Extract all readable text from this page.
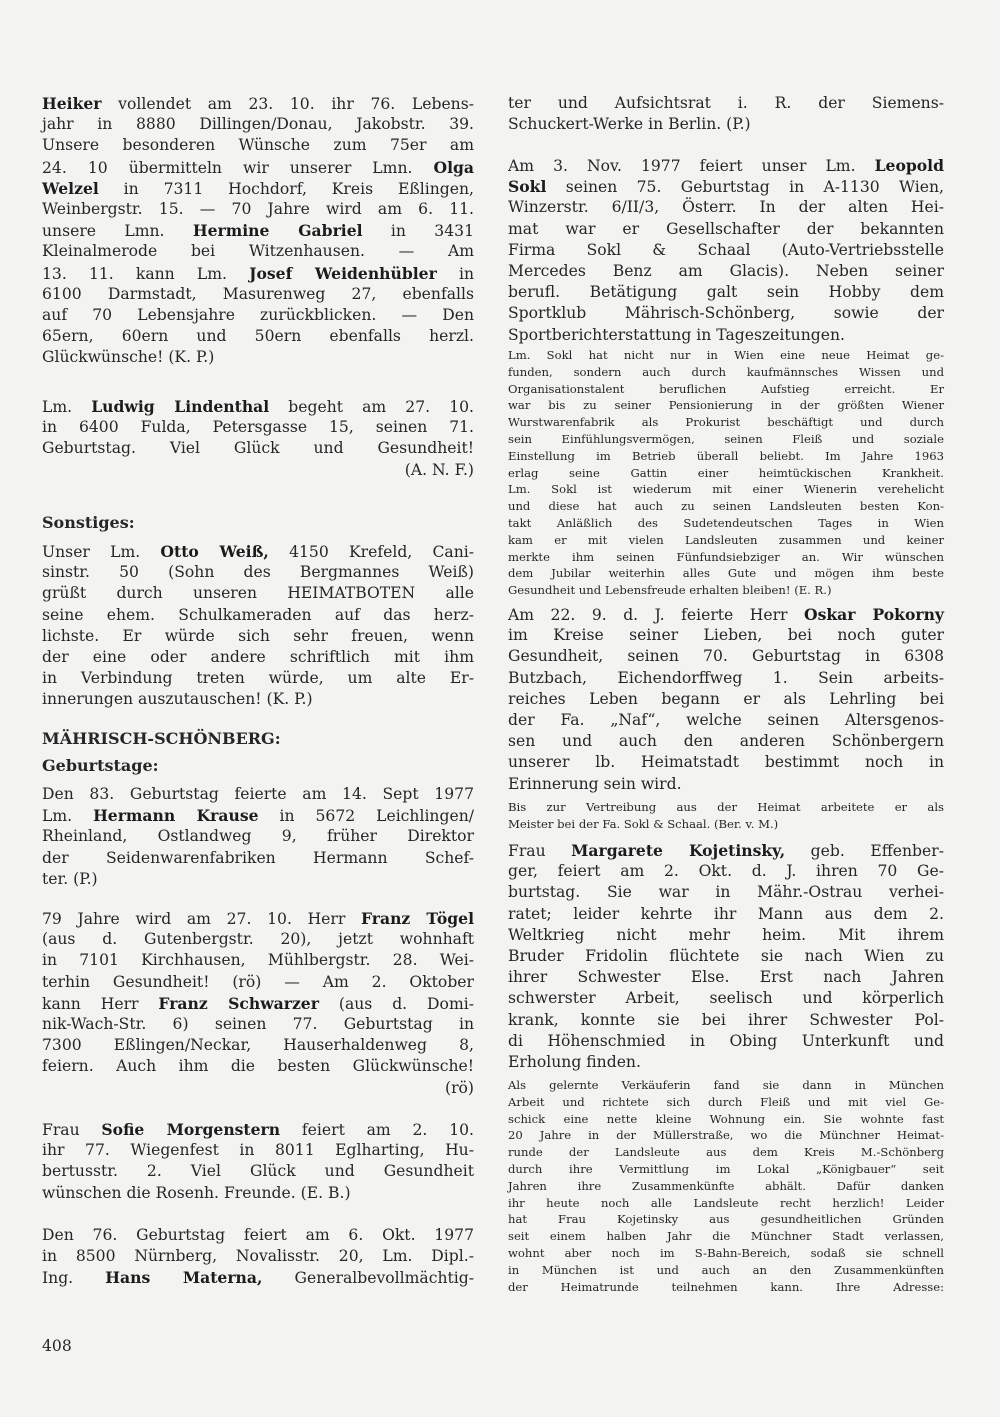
Heiker vollendet am 23. 10. ihr 76. Lebens-
jahr in 8880 Dillingen/Donau, Jakobstr. 39.
Unsere besonderen Wünsche zum 75er am
24. 10 übermitteln wir unserer Lmn. Olga
Welzel in 7311 Hochdorf, Kreis Eßlingen,
Weinbergstr. 15. — 70 Jahre wird am 6. 11.
unsere Lmn. Hermine Gabriel in 3431
Kleinalmerode bei Witzenhausen. — Am
13. 11. kann Lm. Josef Weidenhübler in
6100 Darmstadt, Masurenweg 27, ebenfalls
auf 70 Lebensjahre zurückblicken. — Den
65ern, 60ern und 50ern ebenfalls herzl.
Glückwünsche! (K. P.)
Lm. Ludwig Lindenthal begeht am 27. 10.
in 6400 Fulda, Petersgasse 15, seinen 71.
Geburtstag. Viel Glück und Gesundheit!
(A. N. F.)
Sonstiges:
Unser Lm. Otto Weiß, 4150 Krefeld, Cani-
sinstr. 50 (Sohn des Bergmannes Weiß)
grüßt durch unseren HEIMATBOTEN alle
seine ehem. Schulkameraden auf das herz-
lichste. Er würde sich sehr freuen, wenn
der eine oder andere schriftlich mit ihm
in Verbindung treten würde, um alte Er-
innerungen auszutauschen! (K. P.)
MÄHRISCH-SCHÖNBERG:
Geburtstage:
Den 83. Geburtstag feierte am 14. Sept 1977
Lm. Hermann Krause in 5672 Leichlingen/
Rheinland, Ostlandweg 9, früher Direktor
der Seidenwarenfabriken Hermann Schef-
ter. (P.)
79 Jahre wird am 27. 10. Herr Franz Tögel
(aus d. Gutenbergstr. 20), jetzt wohnhaft
in 7101 Kirchhausen, Mühlbergstr. 28. Wei-
terhin Gesundheit! (rö) — Am 2. Oktober
kann Herr Franz Schwarzer (aus d. Domi-
nik-Wach-Str. 6) seinen 77. Geburtstag in
7300 Eßlingen/Neckar, Hauserhaldenweg 8,
feiern. Auch ihm die besten Glückwünsche!
(rö)
Frau Sofie Morgenstern feiert am 2. 10.
ihr 77. Wiegenfest in 8011 Eglharting, Hu-
bertusstr. 2. Viel Glück und Gesundheit
wünschen die Rosenh. Freunde. (E. B.)
Den 76. Geburtstag feiert am 6. Okt. 1977
in 8500 Nürnberg, Novalisstr. 20, Lm. Dipl.-
Ing. Hans Materna, Generalbevollmächtig-
ter und Aufsichtsrat i. R. der Siemens-
Schuckert-Werke in Berlin. (P.)
Am 3. Nov. 1977 feiert unser Lm. Leopold
Sokl seinen 75. Geburtstag in A-1130 Wien,
Winzerstr. 6/II/3, Österr. In der alten Hei-
mat war er Gesellschafter der bekannten
Firma Sokl & Schaal (Auto-Vertriebsstelle
Mercedes Benz am Glacis). Neben seiner
berufl. Betätigung galt sein Hobby dem
Sportklub Mährisch-Schönberg, sowie der
Sportberichterstattung in Tageszeitungen.
Lm. Sokl hat nicht nur in Wien eine neue Heimat ge-
funden, sondern auch durch kaufmännsches Wissen und
Organisationstalent beruflichen Aufstieg erreicht. Er
war bis zu seiner Pensionierung in der größten Wiener
Wurstwarenfabrik als Prokurist beschäftigt und durch
sein Einfühlungsvermögen, seinen Fleiß und soziale
Einstellung im Betrieb überall beliebt. Im Jahre 1963
erlag seine Gattin einer heimtückischen Krankheit.
Lm. Sokl ist wiederum mit einer Wienerin verehelicht
und diese hat auch zu seinen Landsleuten besten Kon-
takt Anläßlich des Sudetendeutschen Tages in Wien
kam er mit vielen Landsleuten zusammen und keiner
merkte ihm seinen Fünfundsiebziger an. Wir wünschen
dem Jubilar weiterhin alles Gute und mögen ihm beste
Gesundheit und Lebensfreude erhalten bleiben! (E. R.)
Am 22. 9. d. J. feierte Herr Oskar Pokorny
im Kreise seiner Lieben, bei noch guter
Gesundheit, seinen 70. Geburtstag in 6308
Butzbach, Eichendorffweg 1. Sein arbeits-
reiches Leben begann er als Lehrling bei
der Fa. „Naf“, welche seinen Altersgenos-
sen und auch den anderen Schönbergern
unserer lb. Heimatstadt bestimmt noch in
Erinnerung sein wird.
Bis zur Vertreibung aus der Heimat arbeitete er als
Meister bei der Fa. Sokl & Schaal. (Ber. v. M.)
Frau Margarete Kojetinsky, geb. Effenber-
ger, feiert am 2. Okt. d. J. ihren 70 Ge-
burtstag. Sie war in Mähr.-Ostrau verhei-
ratet; leider kehrte ihr Mann aus dem 2.
Weltkrieg nicht mehr heim. Mit ihrem
Bruder Fridolin flüchtete sie nach Wien zu
ihrer Schwester Else. Erst nach Jahren
schwerster Arbeit, seelisch und körperlich
krank, konnte sie bei ihrer Schwester Pol-
di Höhenschmied in Obing Unterkunft und
Erholung finden.
Als gelernte Verkäuferin fand sie dann in München
Arbeit und richtete sich durch Fleiß und mit viel Ge-
schick eine nette kleine Wohnung ein. Sie wohnte fast
20 Jahre in der Müllerstraße, wo die Münchner Heimat-
runde der Landsleute aus dem Kreis M.-Schönberg
durch ihre Vermittlung im Lokal „Königbauer“ seit
Jahren ihre Zusammenkünfte abhält. Dafür danken
ihr heute noch alle Landsleute recht herzlich! Leider
hat Frau Kojetinsky aus gesundheitlichen Gründen
seit einem halben Jahr die Münchner Stadt verlassen,
wohnt aber noch im S-Bahn-Bereich, sodaß sie schnell
in München ist und auch an den Zusammenkünften
der Heimatrunde teilnehmen kann. Ihre Adresse:
408
